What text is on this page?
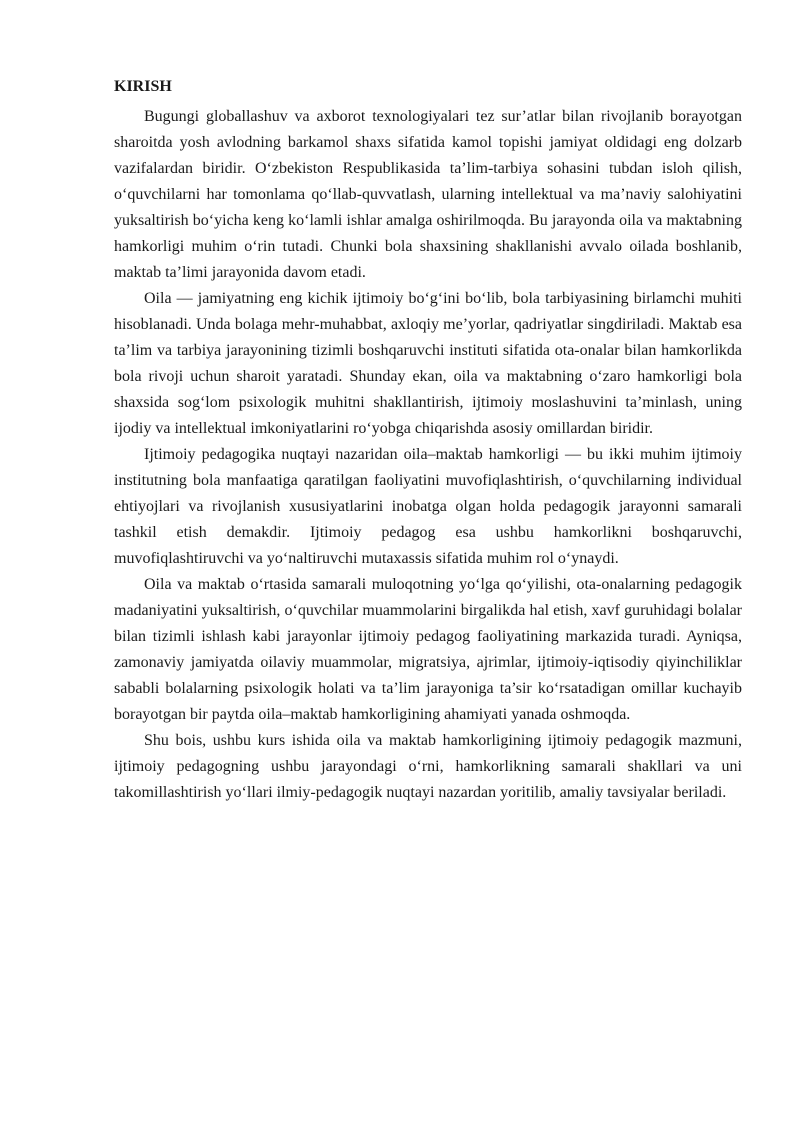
KIRISH

Bugungi globallashuv va axborot texnologiyalari tez sur’atlar bilan rivojlanib borayotgan sharoitda yosh avlodning barkamol shaxs sifatida kamol topishi jamiyat oldidagi eng dolzarb vazifalardan biridir. O‘zbekiston Respublikasida ta’lim-tarbiya sohasini tubdan isloh qilish, o‘quvchilarni har tomonlama qo‘llab-quvvatlash, ularning intellektual va ma’naviy salohiyatini yuksaltirish bo‘yicha keng ko‘lamli ishlar amalga oshirilmoqda. Bu jarayonda oila va maktabning hamkorligi muhim o‘rin tutadi. Chunki bola shaxsining shakllanishi avvalo oilada boshlanib, maktab ta’limi jarayonida davom etadi.

Oila — jamiyatning eng kichik ijtimoiy bo‘g‘ini bo‘lib, bola tarbiyasining birlamchi muhiti hisoblanadi. Unda bolaga mehr-muhabbat, axloqiy me’yorlar, qadriyatlar singdiriladi. Maktab esa ta’lim va tarbiya jarayonining tizimli boshqaruvchi instituti sifatida ota-onalar bilan hamkorlikda bola rivoji uchun sharoit yaratadi. Shunday ekan, oila va maktabning o‘zaro hamkorligi bola shaxsida sog‘lom psixologik muhitni shakllantirish, ijtimoiy moslashuvini ta’minlash, uning ijodiy va intellektual imkoniyatlarini ro‘yobga chiqarishda asosiy omillardan biridir.

Ijtimoiy pedagogika nuqtayi nazaridan oila–maktab hamkorligi — bu ikki muhim ijtimoiy institutning bola manfaatiga qaratilgan faoliyatini muvofiqlashtirish, o‘quvchilarning individual ehtiyojlari va rivojlanish xususiyatlarini inobatga olgan holda pedagogik jarayonni samarali tashkil etish demakdir. Ijtimoiy pedagog esa ushbu hamkorlikni boshqaruvchi, muvofiqlashtiruvchi va yo‘naltiruvchi mutaxassis sifatida muhim rol o‘ynaydi.

Oila va maktab o‘rtasida samarali muloqotning yo‘lga qo‘yilishi, ota-onalarning pedagogik madaniyatini yuksaltirish, o‘quvchilar muammolarini birgalikda hal etish, xavf guruhidagi bolalar bilan tizimli ishlash kabi jarayonlar ijtimoiy pedagog faoliyatining markazida turadi. Ayniqsa, zamonaviy jamiyatda oilaviy muammolar, migratsiya, ajrimlar, ijtimoiy-iqtisodiy qiyinchiliklar sababli bolalarning psixologik holati va ta’lim jarayoniga ta’sir ko‘rsatadigan omillar kuchayib borayotgan bir paytda oila–maktab hamkorligining ahamiyati yanada oshmoqda.

Shu bois, ushbu kurs ishida oila va maktab hamkorligining ijtimoiy pedagogik mazmuni, ijtimoiy pedagogning ushbu jarayondagi o‘rni, hamkorlikning samarali shakllari va uni takomillashtirish yo‘llari ilmiy-pedagogik nuqtayi nazardan yoritilib, amaliy tavsiyalar beriladi.
